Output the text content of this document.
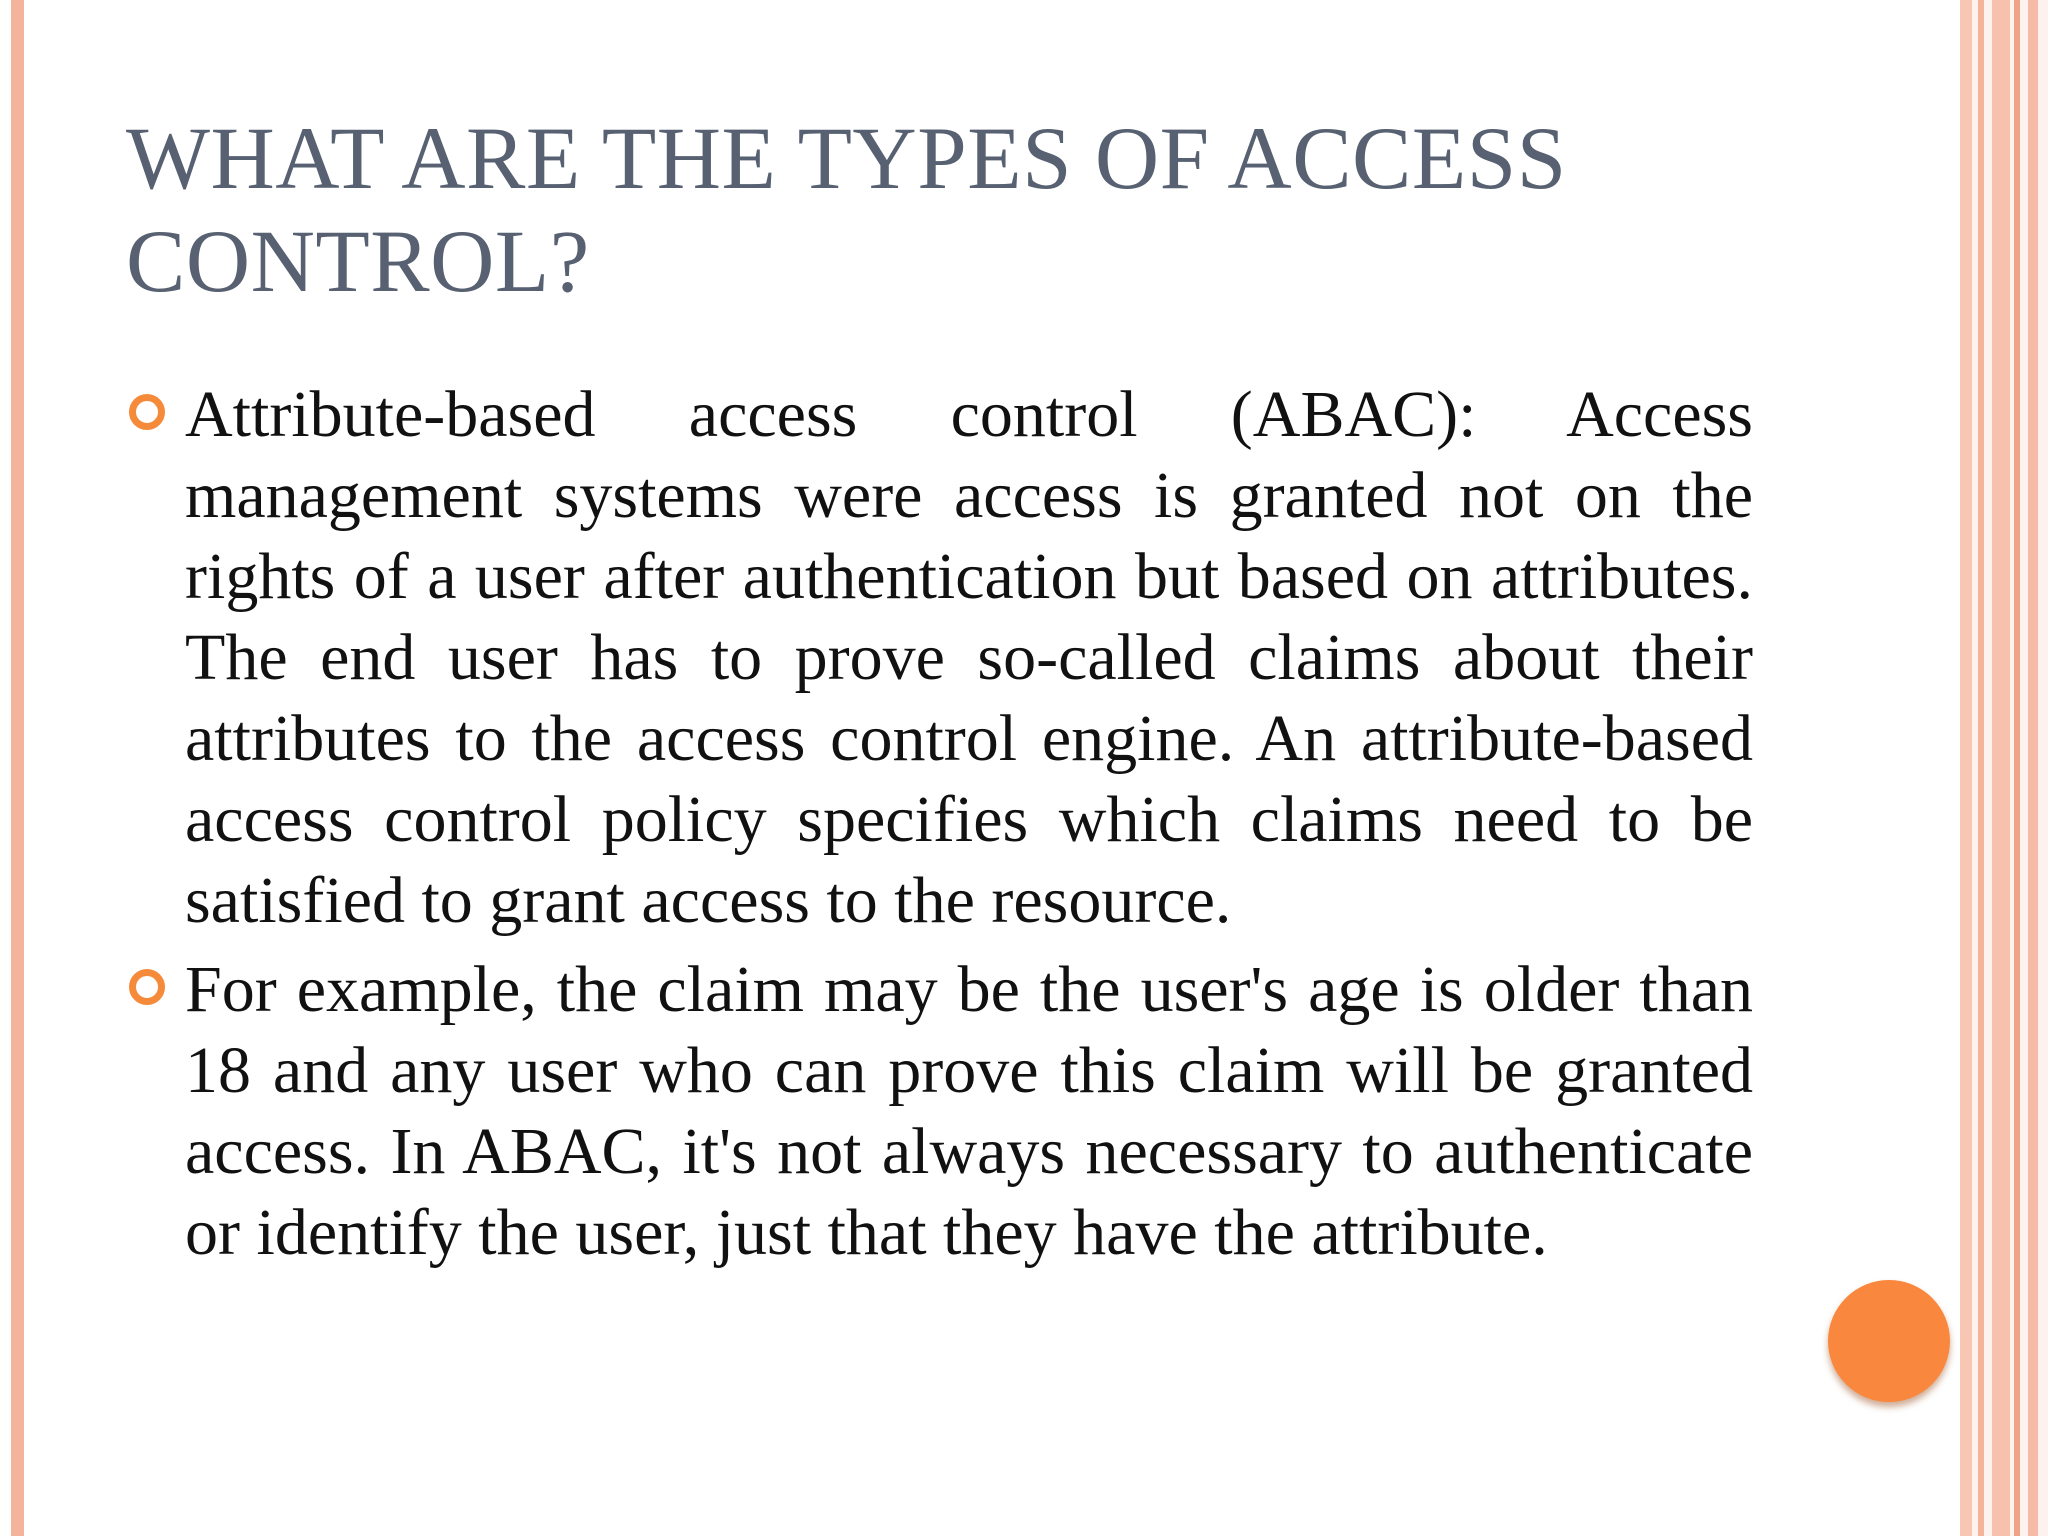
WHAT ARE THE TYPES OF ACCESS CONTROL?
Attribute-based access control (ABAC): Access management systems were access is granted not on the rights of a user after authentication but based on attributes. The end user has to prove so-called claims about their attributes to the access control engine. An attribute-based access control policy specifies which claims need to be satisfied to grant access to the resource.
For example, the claim may be the user's age is older than 18 and any user who can prove this claim will be granted access. In ABAC, it's not always necessary to authenticate or identify the user, just that they have the attribute.
